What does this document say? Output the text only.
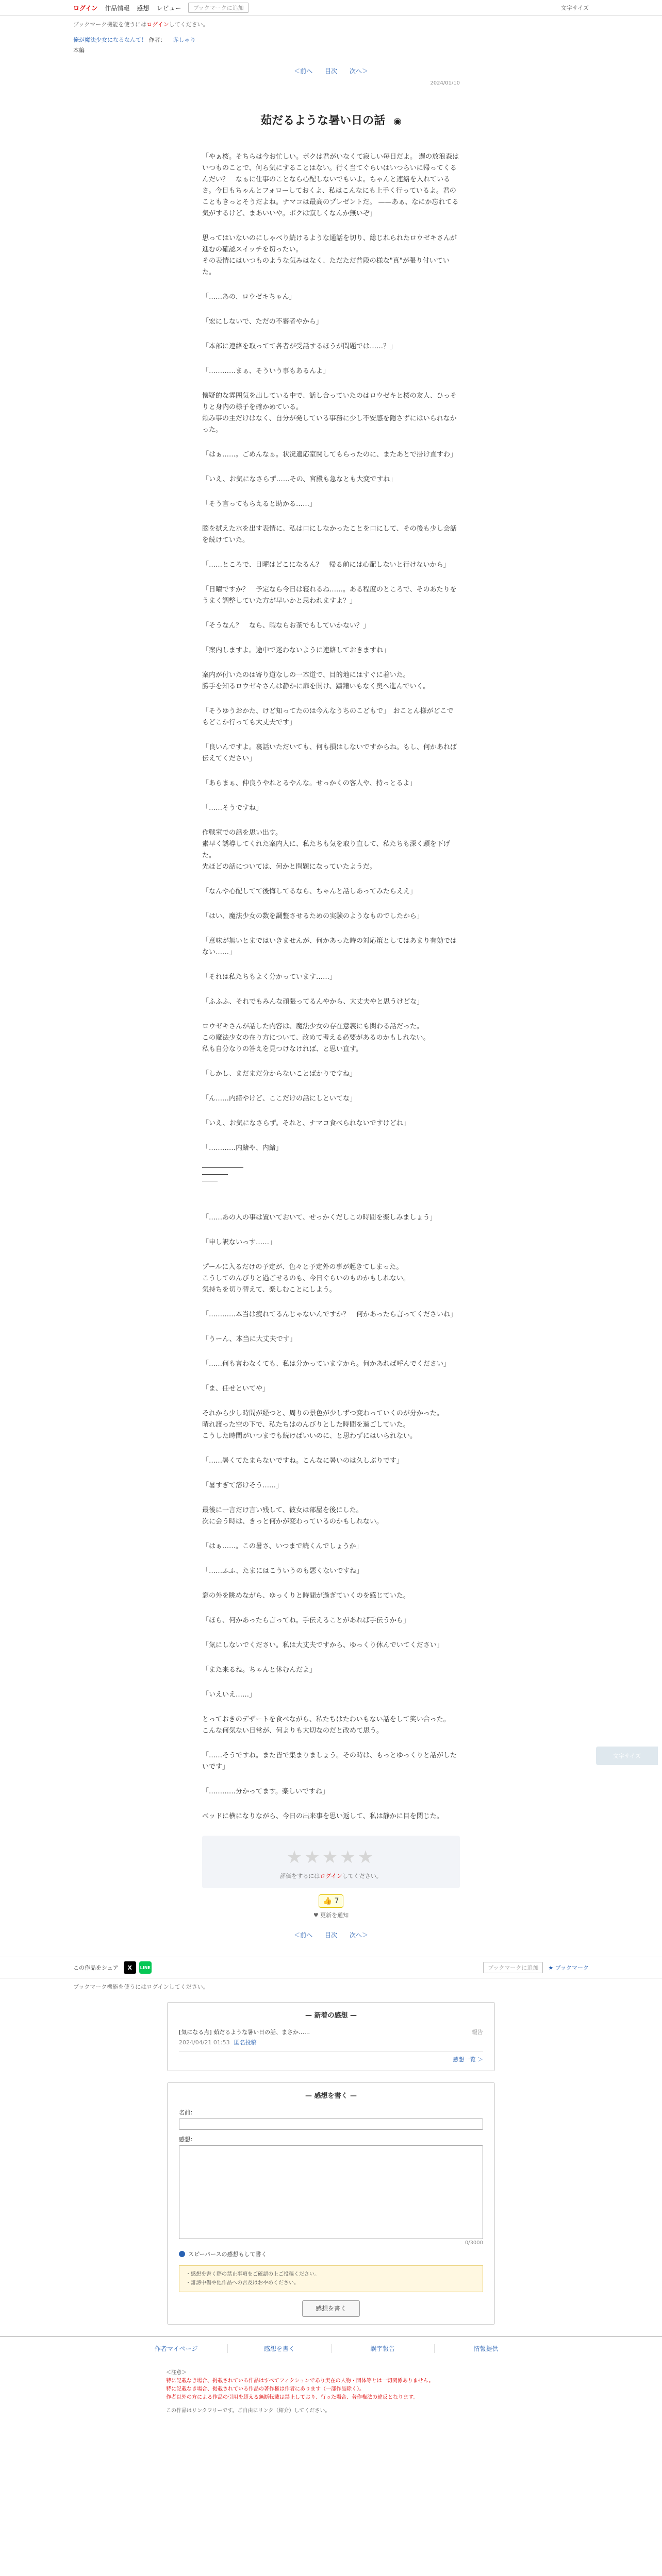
ログイン 作品情報 感想 レビュー	ブックマークに追加	文字サイズ
ブックマーク機能を使うにはログインしてください。
俺が魔法少女になるなんて！ 作者： 赤しゃり
本編
＜前へ 目次 次へ＞
2024/01/10
茹だるような暑い日の話 ◉

「やぁ桜。そちらは今お忙しい。ボクは君がいなくて寂しい毎日だよ。 遅の放浪森はいつものことで、何ら気にすることはない。行く当てぐらいはいつらいに帰ってくるんだい？　なぁに仕事のことなら心配しないでもいよ。ちゃんと連絡を入れているさ。今日もちゃんとフォローしておくよ、私はこんなにも上手く行っているよ。君のこともきっとそうだよね。ナマコは最高のプレゼントだ。 ——あぁ、なにか忘れてる気がするけど、まあいいや。ボクは寂しくなんか無いぞ」

思ってはいないのにしゃべり続けるような通話を切り、総じれられたロウゼキさんが進むの確認スイッチを切ったい。
その表情にはいつものような気みはなく、ただただ普段の様な"真"が張り付いていた。

「……あの、ロウゼキちゃん」

「宏にしないで、ただの不審者やから」

「本部に連絡を取ってて各者が受話するほうが問題では……？」

「…………まぁ、そういう事もあるんよ」

懐疑的な雰囲気を出している中で、話し合っていたのはロウゼキと桜の友人、ひっそりと身内の様子を確かめている。
頼み事の主だけはなく、自分が発している事務に少し不安感を隠さずにはいられなかった。

「はぁ……。ごめんなぁ。状況適応室関してもらったのに、またあとで掛け直すわ」

「いえ、お気になさらず……その、宮殿も急なとも大変ですね」

「そう言ってもらえると助かる……」

脳を拭えた水を出す表情に、私は口にしなかったことを口にして、その後も少し会話を続けていた。

「……ところで、日曜はどこになるん？　帰る前には心配しないと行けないから」

「日曜ですか？　予定なら今日は寝れるね……。ある程度のところで、そのあたりをうまく調整していた方が早いかと思われますよ？」

「そうなん？　なら、暇ならお茶でもしていかない？」

「案内しますよ。途中で迷わないように連絡しておきますね」

案内が付いたのは寄り道なしの一本道で、目的地にはすぐに着いた。
勝手を知るロウゼキさんは静かに扉を開け、躊躇いもなく奥へ進んでいく。

「そうゆうおかた、けど知ってたのは今んなうちのこどもで」　おことん様がどこでもどこか行っても大丈夫です」

「良いんですよ。裏話いただいても、何も損はしないですからね。もし、何かあれば伝えてください」

「あらまぁ、仲良うやれとるやんな。せっかくの客人や、持っとるよ」

「……そうですね」

作戦室での話を思い出す。
素早く誘導してくれた案内人に、私たちも気を取り直して、私たちも深く頭を下げた。
先ほどの話については、何かと問題になっていたようだ。

「なんや心配してて後悔してるなら、ちゃんと話しあってみたらええ」

「はい、魔法少女の数を調整させるための実験のようなものでしたから」

「意味が無いとまではいきませんが、何かあった時の対応策としてはあまり有効ではない……」

「それは私たちもよく分かっています……」

「ふふふ、それでもみんな頑張ってるんやから、大丈夫やと思うけどな」

ロウゼキさんが話した内容は、魔法少女の存在意義にも関わる話だった。
この魔法少女の在り方について、改めて考える必要があるのかもしれない。
私も自分なりの答えを見つけなければ、と思い直す。

「しかし、まだまだ分からないことばかりですね」

「ん……内緒やけど、ここだけの話にしといてな」

「いえ、お気になさらず。それと、ナマコ食べられないですけどね」

「…………内緒や、内緒」

「……あの人の事は置いておいて、せっかくだしこの時間を楽しみましょう」

「申し訳ないっす……」

プールに入るだけの予定が、色々と予定外の事が起きてしまった。
こうしてのんびりと過ごせるのも、今日ぐらいのものかもしれない。
気持ちを切り替えて、楽しむことにしよう。

「…………本当は疲れてるんじゃないんですか？　何かあったら言ってくださいね」

「うーん、本当に大丈夫です」

「……何も言わなくても、私は分かっていますから。何かあれば呼んでください」

「ま、任せといてや」

それから少し時間が経つと、周りの景色が少しずつ変わっていくのが分かった。
晴れ渡った空の下で、私たちはのんびりとした時間を過ごしていた。
こうした時間がいつまでも続けばいいのに、と思わずにはいられない。

「……暑くてたまらないですね。こんなに暑いのは久しぶりです」

「暑すぎて溶けそう……」

最後に一言だけ言い残して、彼女は部屋を後にした。
次に会う時は、きっと何かが変わっているのかもしれない。

「はぁ……。この暑さ、いつまで続くんでしょうか」

「……ふふ、たまにはこういうのも悪くないですね」

窓の外を眺めながら、ゆっくりと時間が過ぎていくのを感じていた。

「ほら、何かあったら言ってね。手伝えることがあれば手伝うから」

「気にしないでください。私は大丈夫ですから、ゆっくり休んでいてください」

「また来るね。ちゃんと休むんだよ」

「いえいえ……」

とっておきのデザートを食べながら、私たちはたわいもない話をして笑い合った。
こんな何気ない日常が、何よりも大切なのだと改めて思う。

「……そうですね。また皆で集まりましょう。その時は、もっとゆっくりと話がしたいです」

「…………分かってます。楽しいですね」

ベッドに横になりながら、今日の出来事を思い返して、私は静かに目を閉じた。

★★★★★
評価をするにはログインしてください。
👍 7
♥ 更新を通知
＜前へ 目次 次へ＞
文字サイズ
この作品をシェア	X	LINE	ブックマークに追加	★ ブックマーク
ブックマーク機能を使うにはログインしてください。
— 新着の感想 —
報告
[気になる点] 茹だるような暑い日の話、まさか……
2024/04/21 01:53 匿名投稿
感想一覧 ＞
— 感想を書く —
名前：
感想：
0/3000
スピーパースの感想もして書く
・感想を書く際の禁止事項をご確認の上ご投稿ください。
・誹謗中傷や他作品への言及はおやめください。
感想を書く
作者マイページ	感想を書く	誤字報告	情報提供
＜注意＞
特に記載なき場合、掲載されている作品はすべてフィクションであり実在の人物・団体等とは一切関係ありません。
特に記載なき場合、掲載されている作品の著作権は作者にあります（一部作品除く）。
作者以外の方による作品の引用を超える無断転載は禁止しており、行った場合、著作権法の違反となります。
この作品はリンクフリーです。ご自由にリンク（紹介）してください。
